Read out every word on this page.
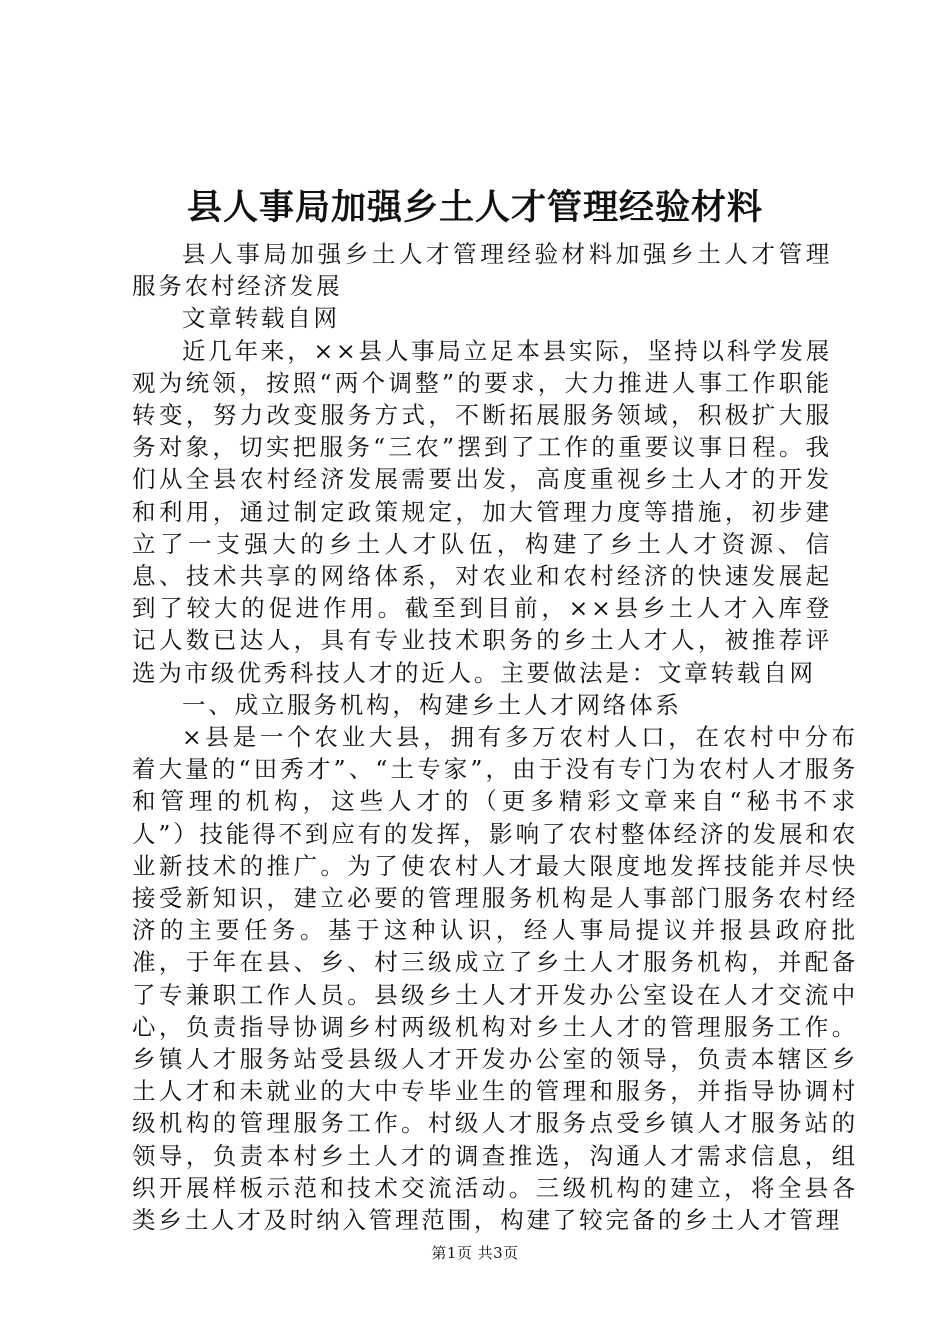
县人事局加强乡土人才管理经验材料

县人事局加强乡土人才管理经验材料加强乡土人才管理服务农村经济发展

文章转载自网

近几年来，××县人事局立足本县实际，坚持以科学发展观为统领，按照“两个调整”的要求，大力推进人事工作职能转变，努力改变服务方式，不断拓展服务领域，积极扩大服务对象，切实把服务“三农”摆到了工作的重要议事日程。我们从全县农村经济发展需要出发，高度重视乡土人才的开发和利用，通过制定政策规定，加大管理力度等措施，初步建立了一支强大的乡土人才队伍，构建了乡土人才资源、信息、技术共享的网络体系，对农业和农村经济的快速发展起到了较大的促进作用。截至到目前，××县乡土人才入库登记人数已达人，具有专业技术职务的乡土人才人，被推荐评选为市级优秀科技人才的近人。主要做法是：文章转载自网

一、成立服务机构，构建乡土人才网络体系

×县是一个农业大县，拥有多万农村人口，在农村中分布着大量的“田秀才”、“土专家”，由于没有专门为农村人才服务和管理的机构，这些人才的（更多精彩文章来自“秘书不求人”）技能得不到应有的发挥，影响了农村整体经济的发展和农业新技术的推广。为了使农村人才最大限度地发挥技能并尽快接受新知识，建立必要的管理服务机构是人事部门服务农村经济的主要任务。基于这种认识，经人事局提议并报县政府批准，于年在县、乡、村三级成立了乡土人才服务机构，并配备了专兼职工作人员。县级乡土人才开发办公室设在人才交流中心，负责指导协调乡村两级机构对乡土人才的管理服务工作。乡镇人才服务站受县级人才开发办公室的领导，负责本辖区乡土人才和未就业的大中专毕业生的管理和服务，并指导协调村级机构的管理服务工作。村级人才服务点受乡镇人才服务站的领导，负责本村乡土人才的调查推选，沟通人才需求信息，组织开展样板示范和技术交流活动。三级机构的建立，将全县各类乡土人才及时纳入管理范围，构建了较完备的乡土人才管理

第1页 共3页
